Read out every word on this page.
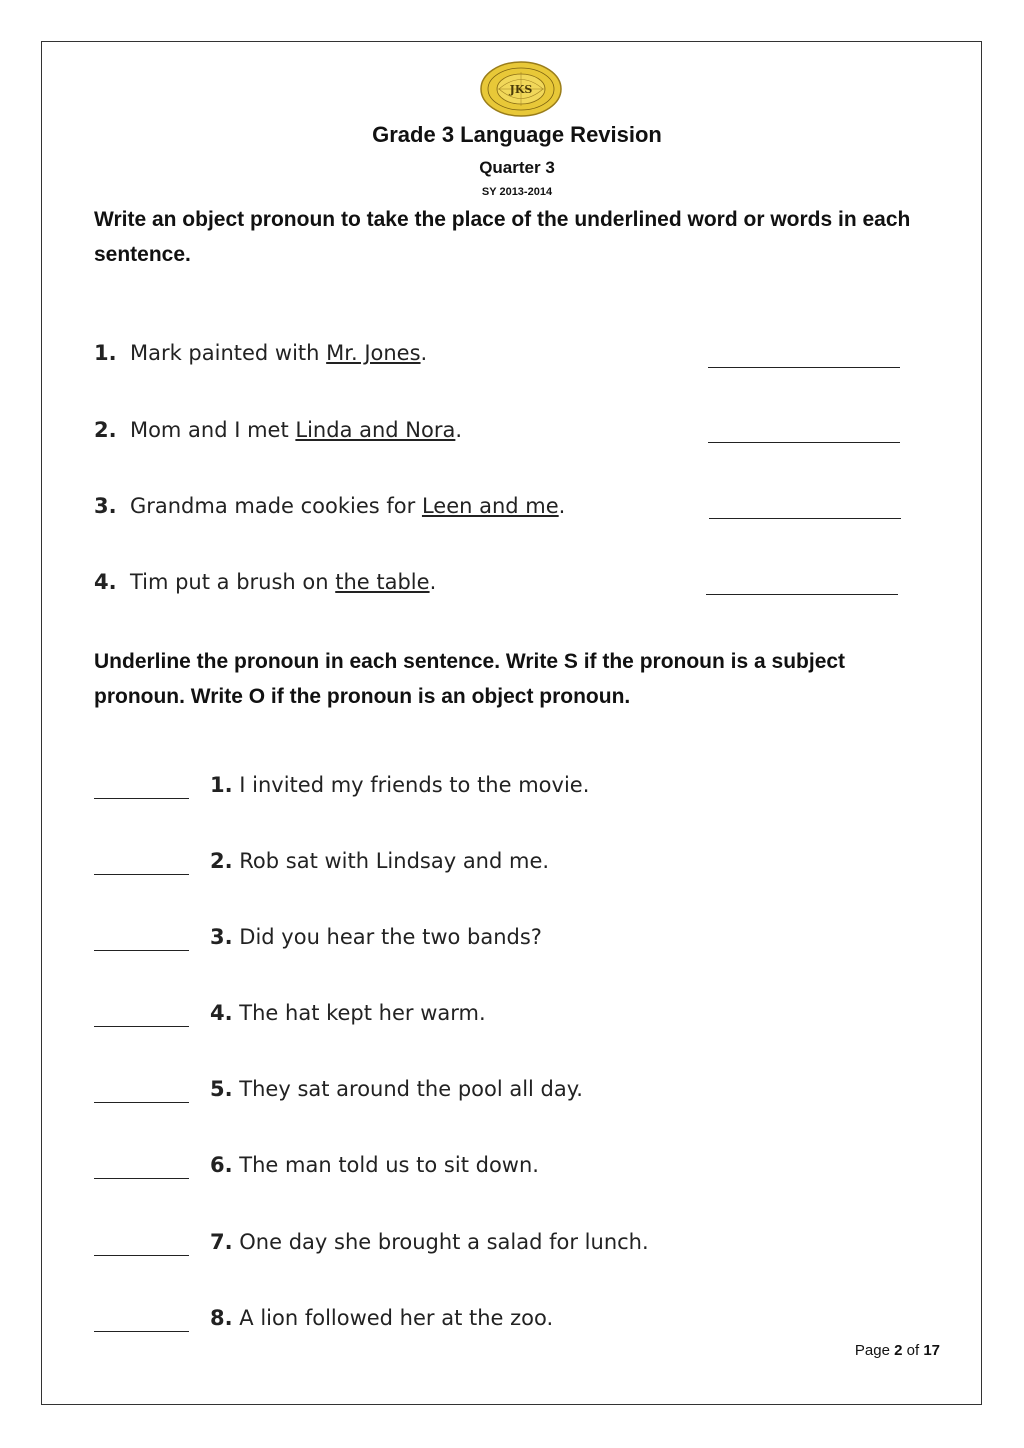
JKS
Grade 3 Language Revision
Quarter 3
SY 2013-2014
Write an object pronoun to take the place of the underlined word or words in each sentence.
1. Mark painted with Mr. Jones.
2. Mom and I met Linda and Nora.
3. Grandma made cookies for Leen and me.
4. Tim put a brush on the table.
Underline the pronoun in each sentence. Write S if the pronoun is a subject pronoun. Write O if the pronoun is an object pronoun.
1. I invited my friends to the movie.
2. Rob sat with Lindsay and me.
3. Did you hear the two bands?
4. The hat kept her warm.
5. They sat around the pool all day.
6. The man told us to sit down.
7. One day she brought a salad for lunch.
8. A lion followed her at the zoo.
Page 2 of 17
